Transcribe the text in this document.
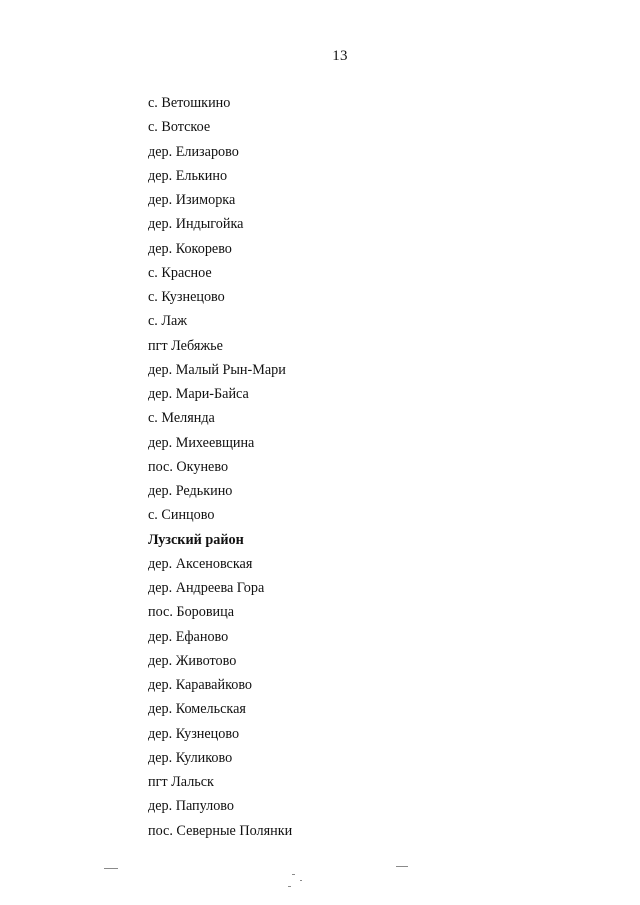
13
с. Ветошкино
с. Вотское
дер. Елизарово
дер. Елькино
дер. Изиморка
дер. Индыгойка
дер. Кокорево
с. Красное
с. Кузнецово
с. Лаж
пгт Лебяжье
дер. Малый Рын-Мари
дер. Мари-Байса
с. Мелянда
дер. Михеевщина
пос. Окунево
дер. Редькино
с. Синцово
Лузский район
дер. Аксеновская
дер. Андреева Гора
пос. Боровица
дер. Ефаново
дер. Животово
дер. Каравайково
дер. Комельская
дер. Кузнецово
дер. Куликово
пгт Лальск
дер. Папулово
пос. Северные Полянки
